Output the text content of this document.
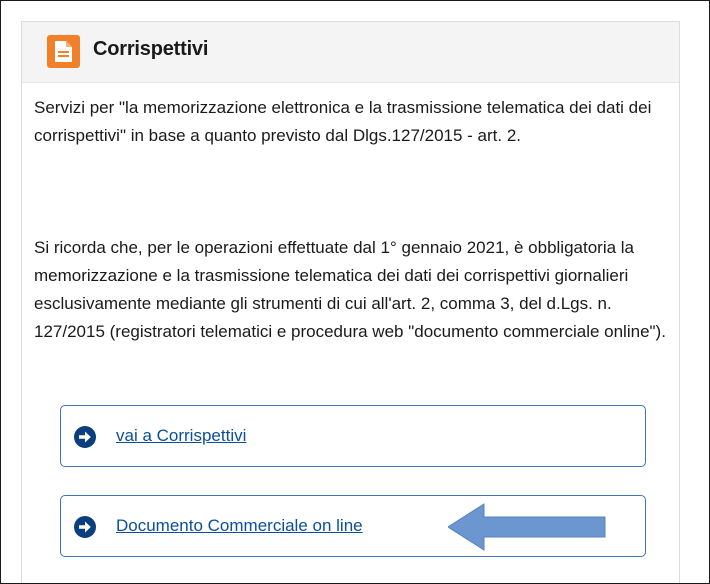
Corrispettivi

Servizi per "la memorizzazione elettronica e la trasmissione telematica dei dati dei corrispettivi" in base a quanto previsto dal Dlgs.127/2015 - art. 2.

Si ricorda che, per le operazioni effettuate dal 1° gennaio 2021, è obbligatoria la memorizzazione e la trasmissione telematica dei dati dei corrispettivi giornalieri esclusivamente mediante gli strumenti di cui all'art. 2, comma 3, del d.Lgs. n. 127/2015 (registratori telematici e procedura web "documento commerciale online").

vai a Corrispettivi
Documento Commerciale on line
